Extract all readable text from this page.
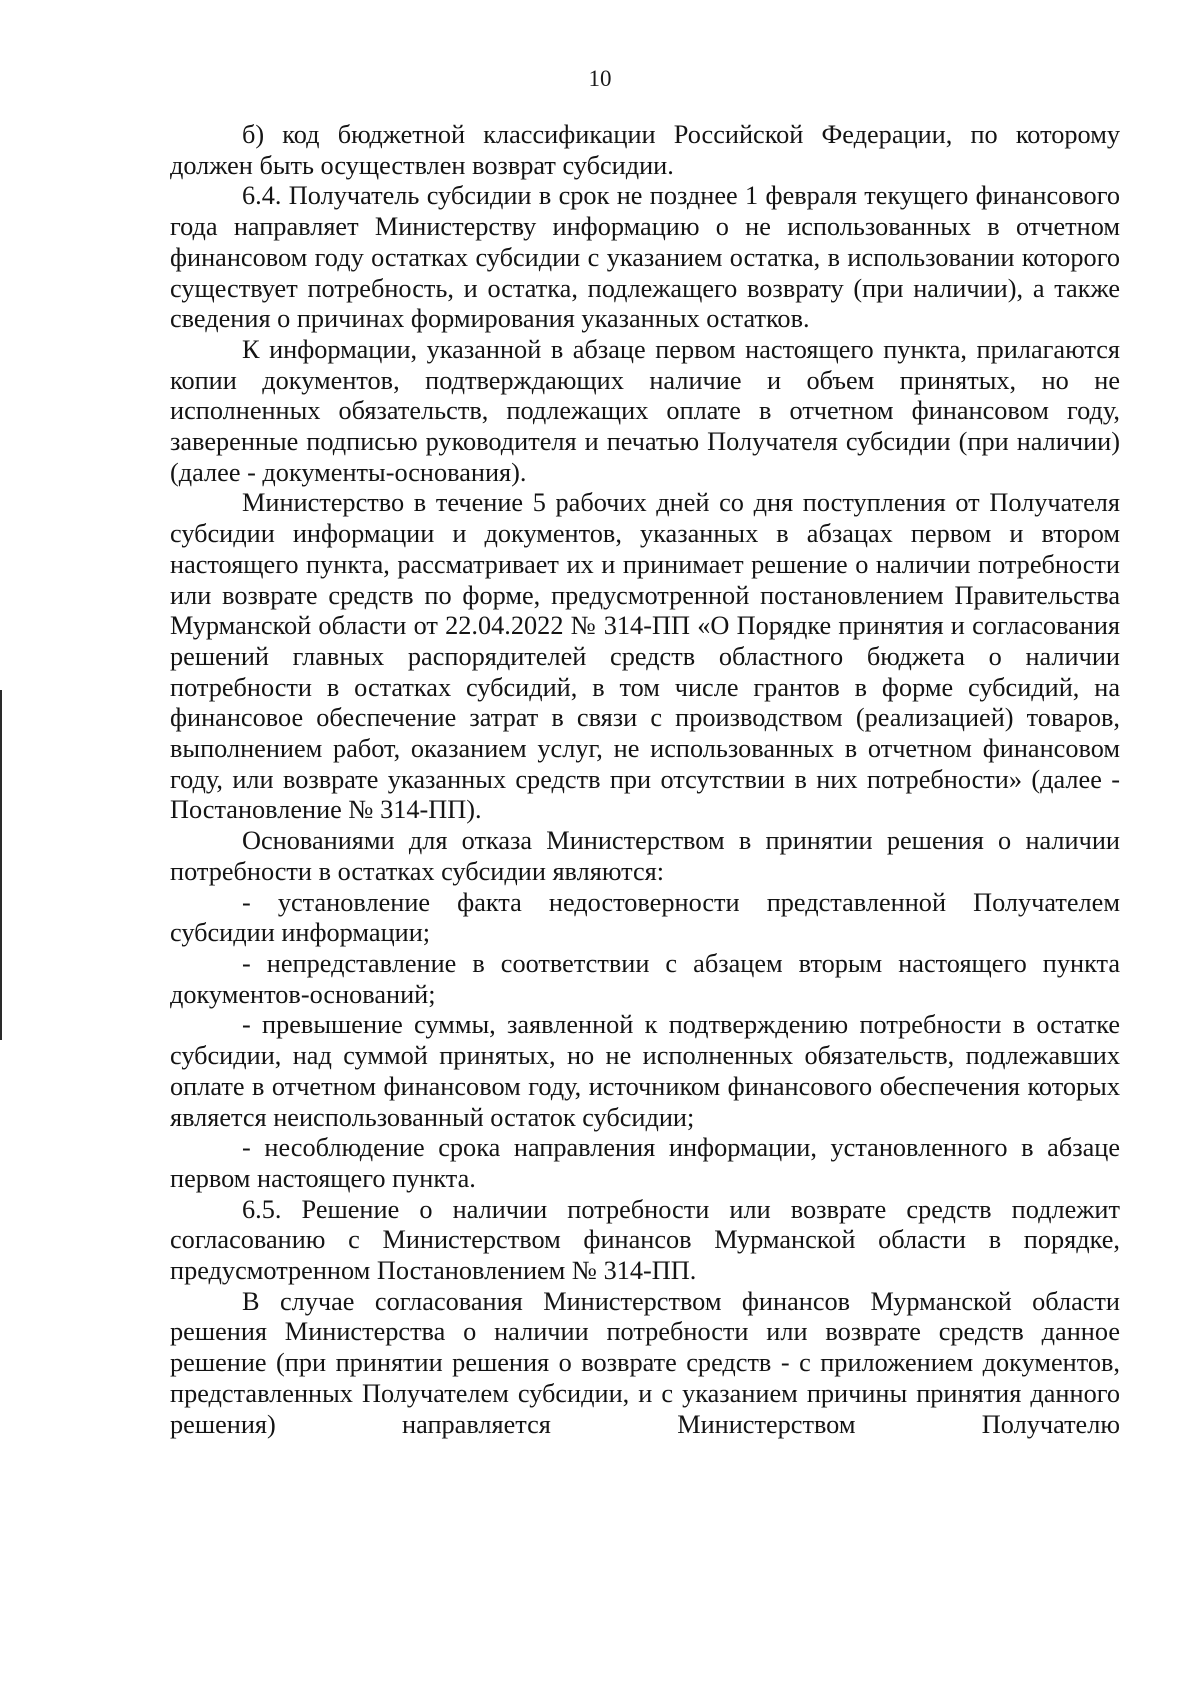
10

б) код бюджетной классификации Российской Федерации, по которому должен быть осуществлен возврат субсидии.

6.4. Получатель субсидии в срок не позднее 1 февраля текущего финансового года направляет Министерству информацию о не использованных в отчетном финансовом году остатках субсидии с указанием остатка, в использовании которого существует потребность, и остатка, подлежащего возврату (при наличии), а также сведения о причинах формирования указанных остатков.

К информации, указанной в абзаце первом настоящего пункта, прилагаются копии документов, подтверждающих наличие и объем принятых, но не исполненных обязательств, подлежащих оплате в отчетном финансовом году, заверенные подписью руководителя и печатью Получателя субсидии (при наличии) (далее - документы-основания).

Министерство в течение 5 рабочих дней со дня поступления от Получателя субсидии информации и документов, указанных в абзацах первом и втором настоящего пункта, рассматривает их и принимает решение о наличии потребности или возврате средств по форме, предусмотренной постановлением Правительства Мурманской области от 22.04.2022 № 314-ПП «О Порядке принятия и согласования решений главных распорядителей средств областного бюджета о наличии потребности в остатках субсидий, в том числе грантов в форме субсидий, на финансовое обеспечение затрат в связи с производством (реализацией) товаров, выполнением работ, оказанием услуг, не использованных в отчетном финансовом году, или возврате указанных средств при отсутствии в них потребности» (далее - Постановление № 314-ПП).

Основаниями для отказа Министерством в принятии решения о наличии потребности в остатках субсидии являются:

- установление факта недостоверности представленной Получателем субсидии информации;

- непредставление в соответствии с абзацем вторым настоящего пункта документов-оснований;

- превышение суммы, заявленной к подтверждению потребности в остатке субсидии, над суммой принятых, но не исполненных обязательств, подлежавших оплате в отчетном финансовом году, источником финансового обеспечения которых является неиспользованный остаток субсидии;

- несоблюдение срока направления информации, установленного в абзаце первом настоящего пункта.

6.5. Решение о наличии потребности или возврате средств подлежит согласованию с Министерством финансов Мурманской области в порядке, предусмотренном Постановлением № 314-ПП.

В случае согласования Министерством финансов Мурманской области решения Министерства о наличии потребности или возврате средств данное решение (при принятии решения о возврате средств - с приложением документов, представленных Получателем субсидии, и с указанием причины принятия данного решения) направляется Министерством Получателю
